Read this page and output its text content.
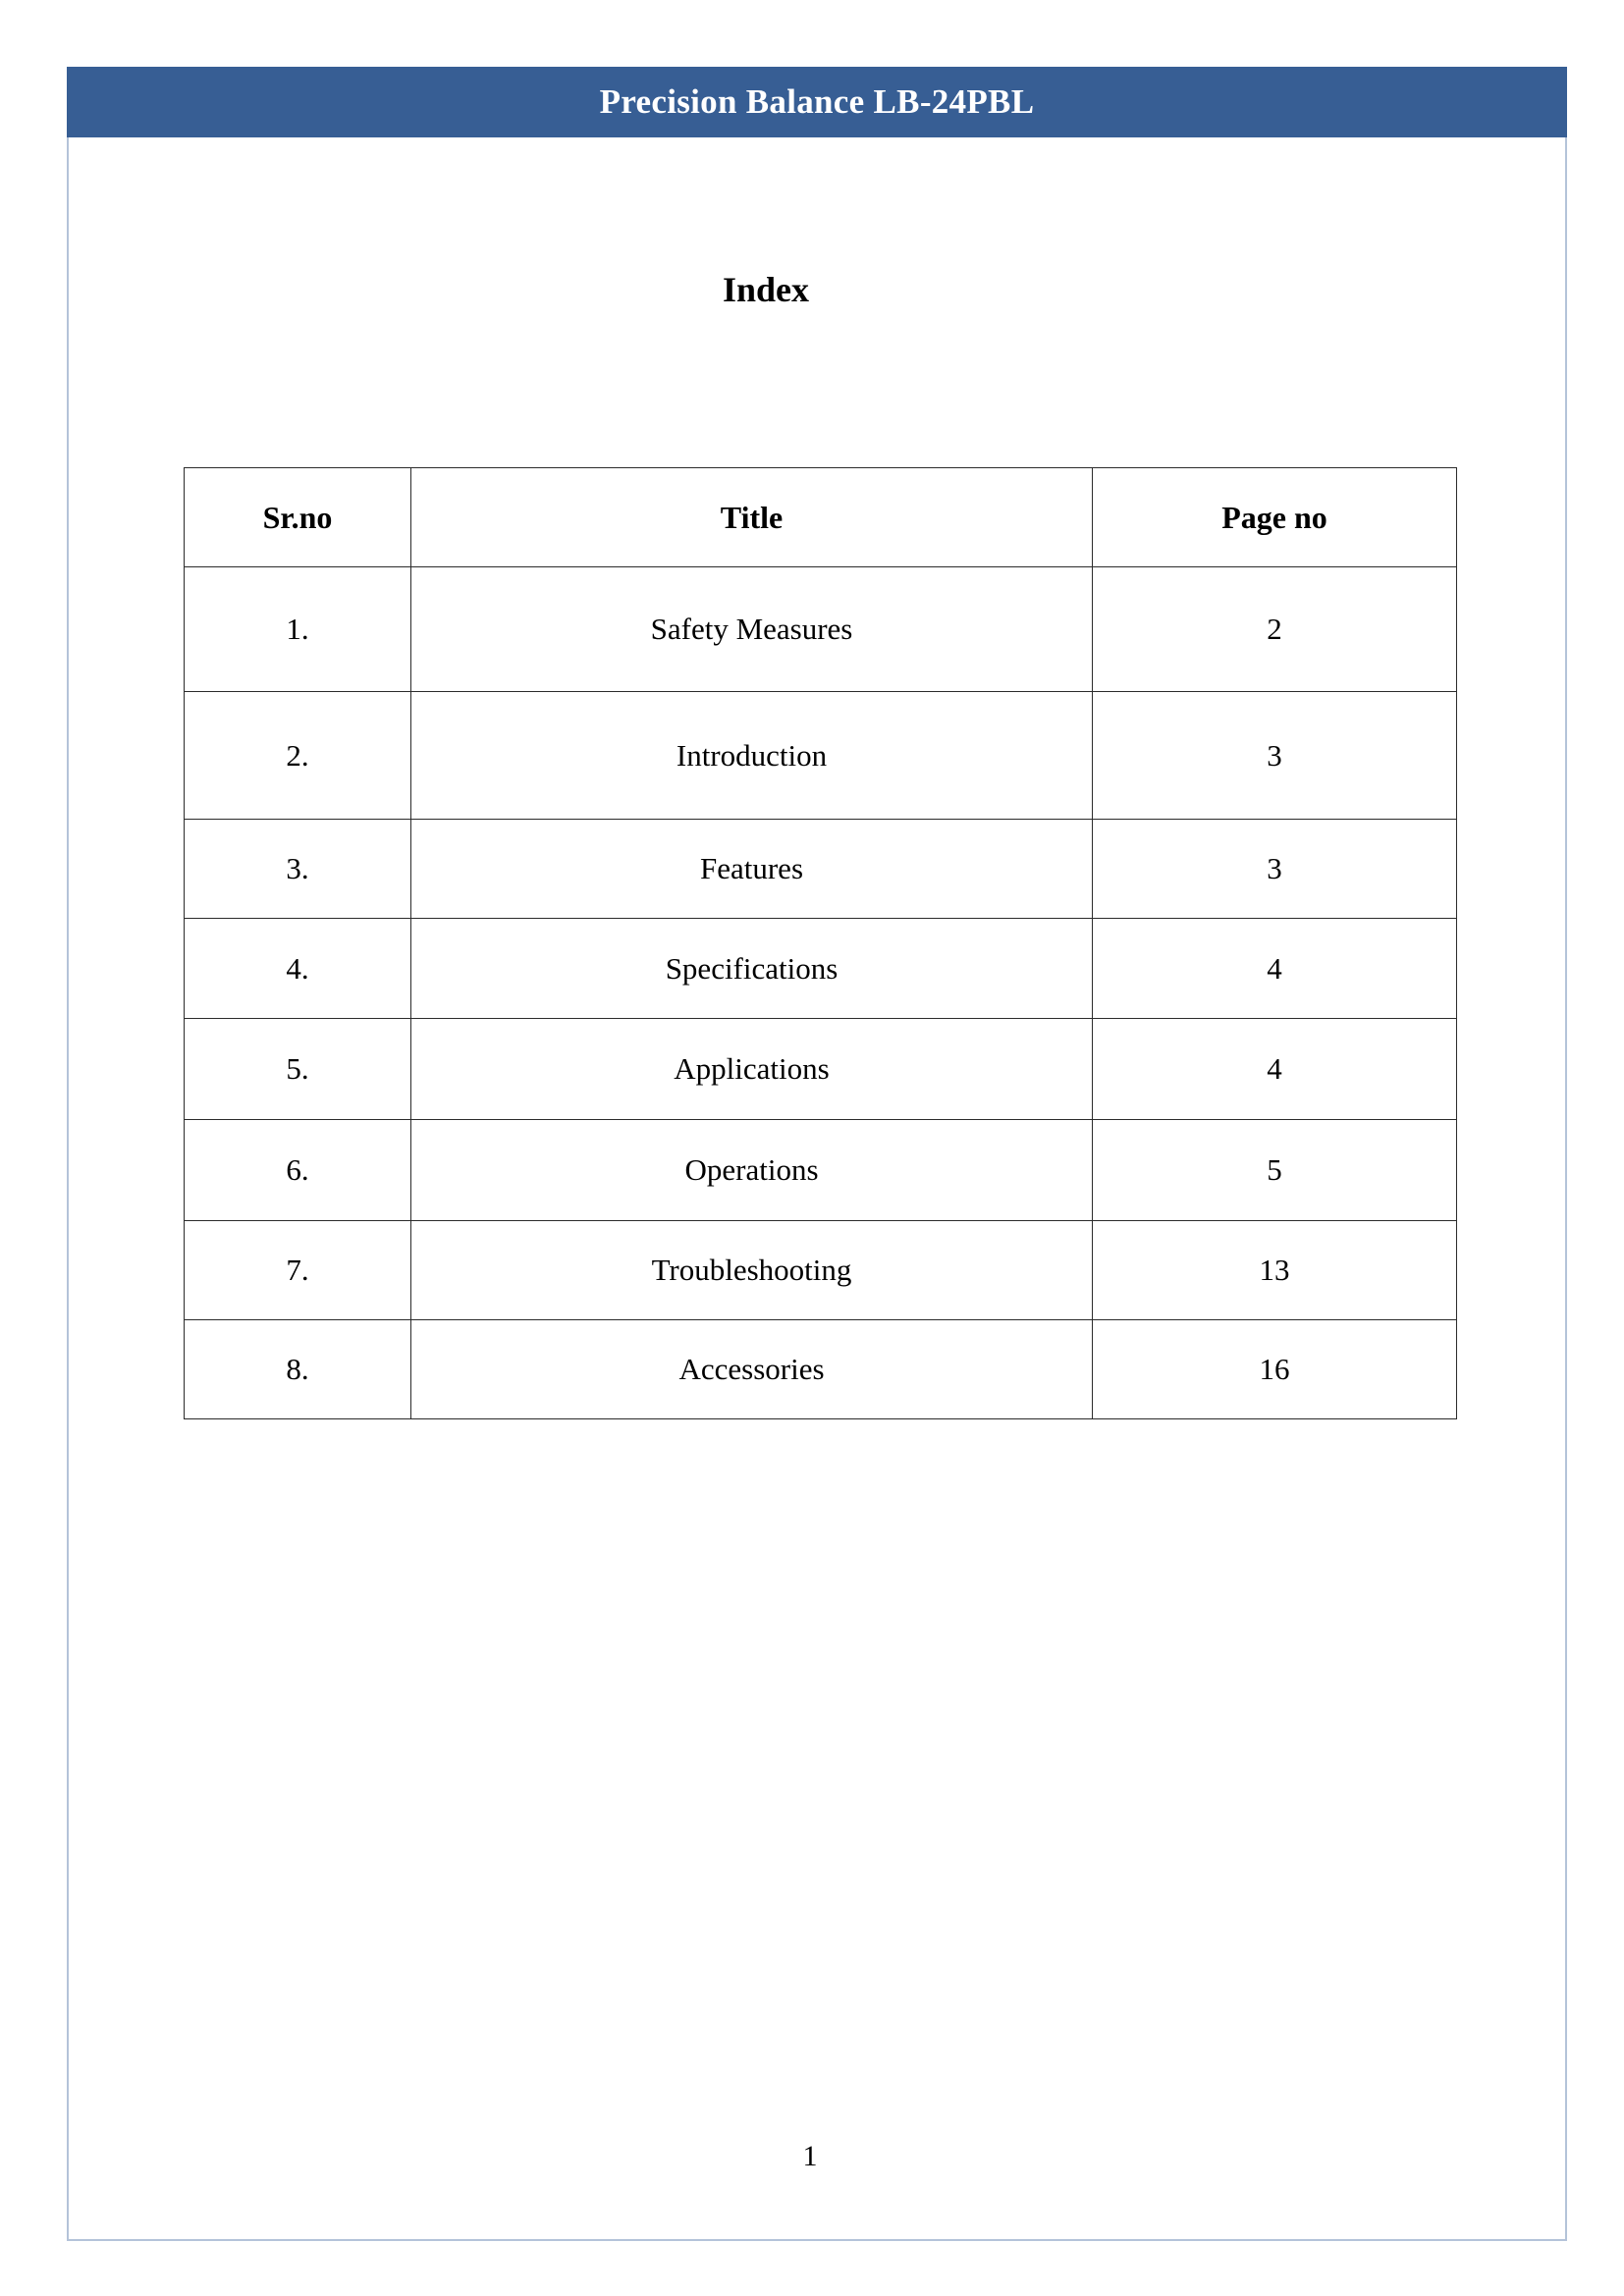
Precision Balance LB-24PBL
Index
Sr.no	Title	Page no
1.	Safety Measures	2
2.	Introduction	3
3.	Features	3
4.	Specifications	4
5.	Applications	4
6.	Operations	5
7.	Troubleshooting	13
8.	Accessories	16
1
